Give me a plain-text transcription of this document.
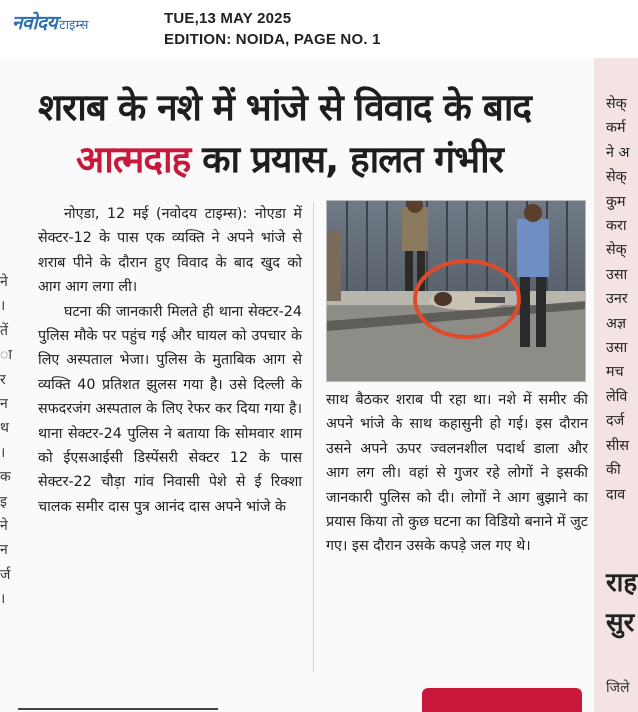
नवोदय टाइम्स	TUE,13 MAY 2025
EDITION: NOIDA, PAGE NO. 1
ने
।
तें
ा
र
न
थ
।
क
इ
ने
न
र्ज
।
शराब के नशे में भांजे से विवाद के बाद
आत्मदाह का प्रयास, हालत गंभीर

नोएडा, 12 मई (नवोदय टाइम्स): नोएडा में सेक्टर-12 के पास एक व्यक्ति ने अपने भांजे से शराब पीने के दौरान हुए विवाद के बाद खुद को आग आग लगा ली।

घटना की जानकारी मिलते ही थाना सेक्टर-24 पुलिस मौके पर पहुंच गई और घायल को उपचार के लिए अस्पताल भेजा। पुलिस के मुताबिक आग से व्यक्ति 40 प्रतिशत झुलस गया है। उसे दिल्ली के सफदरजंग अस्पताल के लिए रेफर कर दिया गया है। थाना सेक्टर-24 पुलिस ने बताया कि सोमवार शाम को ईएसआईसी डिस्पेंसरी सेक्टर 12 के पास सेक्टर-22 चौड़ा गांव निवासी पेशे से ई रिक्शा चालक समीर दास पुत्र आनंद दास अपने भांजे के

साथ बैठकर शराब पी रहा था। नशे में समीर की अपने भांजे के साथ कहासुनी हो गई। इस दौरान उसने अपने ऊपर ज्वलनशील पदार्थ डाला और आग लग ली। वहां से गुजर रहे लोगों ने इसकी जानकारी पुलिस को दी। लोगों ने आग बुझाने का प्रयास किया तो कुछ घटना का विडियो बनाने में जुट गए। इस दौरान उसके कपड़े जल गए थे।
सेक्
कर्म
ने अ
सेक्
कुम
करा
सेक्
उसा
उनर
अज्ञ
उसा
मच
लेवि
दर्ज
सीस
की
दाव
राह
सुर
जिले
